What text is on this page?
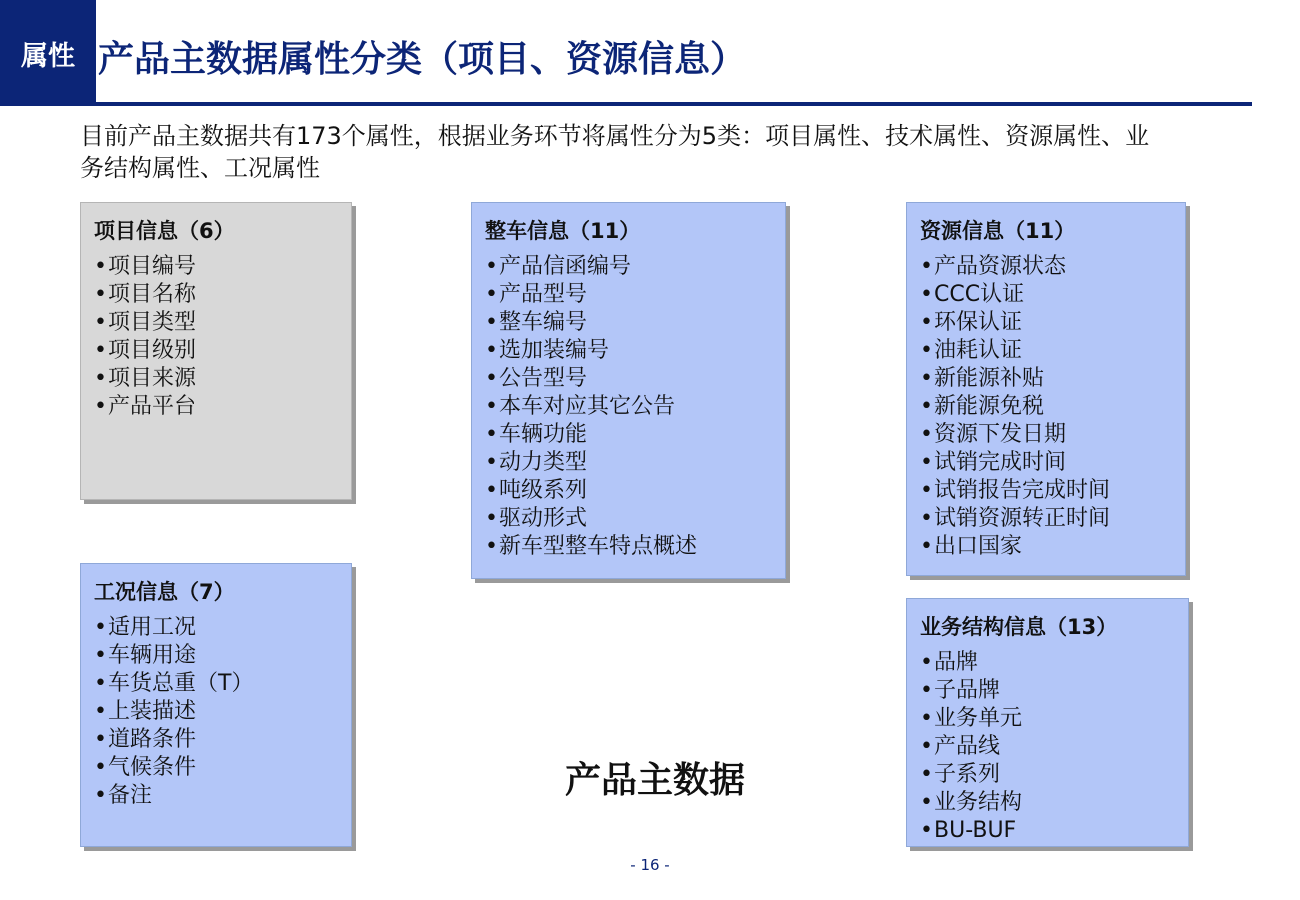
属性 产品主数据属性分类（项目、资源信息）
目前产品主数据共有173个属性，根据业务环节将属性分为5类：项目属性、技术属性、资源属性、业务结构属性、工况属性
项目信息（6）
•项目编号
•项目名称
•项目类型
•项目级别
•项目来源
•产品平台
整车信息（11）
•产品信函编号
•产品型号
•整车编号
•选加装编号
•公告型号
•本车对应其它公告
•车辆功能
•动力类型
•吨级系列
•驱动形式
•新车型整车特点概述
资源信息（11）
•产品资源状态
•CCC认证
•环保认证
•油耗认证
•新能源补贴
•新能源免税
•资源下发日期
•试销完成时间
•试销报告完成时间
•试销资源转正时间
•出口国家
工况信息（7）
•适用工况
•车辆用途
•车货总重（T）
•上装描述
•道路条件
•气候条件
•备注
业务结构信息（13）
•品牌
•子品牌
•业务单元
•产品线
•子系列
•业务结构
•BU-BUF
产品主数据
- 16 -
